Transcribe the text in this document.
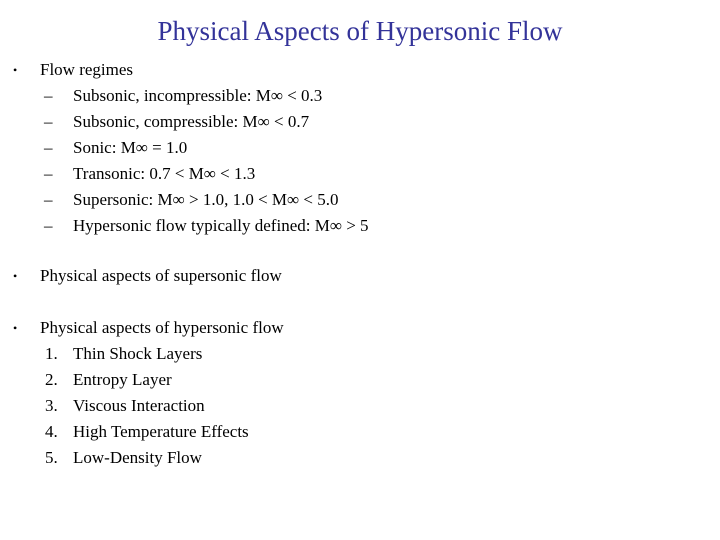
Physical Aspects of Hypersonic Flow
• Flow regimes
– Subsonic, incompressible: M∞ < 0.3
– Subsonic, compressible: M∞ < 0.7
– Sonic: M∞ = 1.0
– Transonic: 0.7 < M∞ < 1.3
– Supersonic: M∞ > 1.0, 1.0 < M∞ < 5.0
– Hypersonic flow typically defined: M∞ > 5
• Physical aspects of supersonic flow
• Physical aspects of hypersonic flow
1. Thin Shock Layers
2. Entropy Layer
3. Viscous Interaction
4. High Temperature Effects
5. Low-Density Flow
